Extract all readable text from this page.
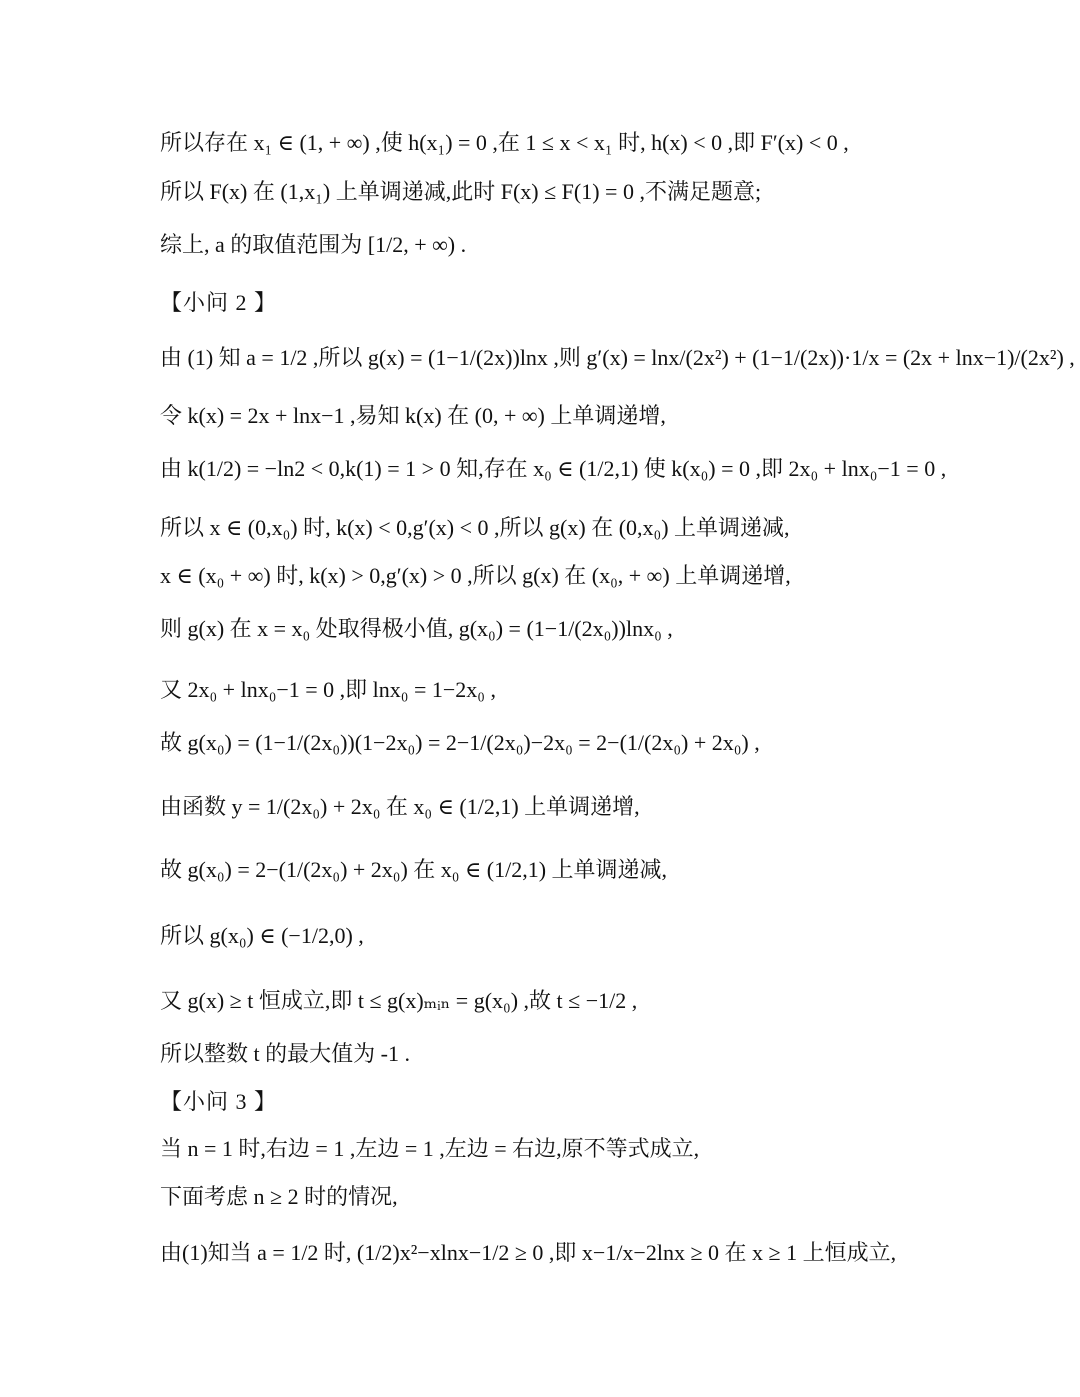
所以存在 x₁ ∈ (1, + ∞) ,使 h(x₁) = 0 ,在 1 ≤ x < x₁ 时, h(x) < 0 ,即 F′(x) < 0 ,
所以 F(x) 在 (1,x₁) 上单调递减,此时 F(x) ≤ F(1) = 0 ,不满足题意;
综上, a 的取值范围为 [1/2, + ∞) .
【小问 2 】
由 (1) 知 a = 1/2 ,所以 g(x) = (1−1/(2x))lnx ,则 g′(x) = lnx/(2x²) + (1−1/(2x))·1/x = (2x + lnx−1)/(2x²) ,
令 k(x) = 2x + lnx−1 ,易知 k(x) 在 (0, + ∞) 上单调递增,
由 k(1/2) = −ln2 < 0,k(1) = 1 > 0 知,存在 x₀ ∈ (1/2,1) 使 k(x₀) = 0 ,即 2x₀ + lnx₀−1 = 0 ,
所以 x ∈ (0,x₀) 时, k(x) < 0,g′(x) < 0 ,所以 g(x) 在 (0,x₀) 上单调递减,
x ∈ (x₀ + ∞) 时, k(x) > 0,g′(x) > 0 ,所以 g(x) 在 (x₀, + ∞) 上单调递增,
则 g(x) 在 x = x₀ 处取得极小值, g(x₀) = (1−1/(2x₀))lnx₀ ,
又 2x₀ + lnx₀−1 = 0 ,即 lnx₀ = 1−2x₀ ,
故 g(x₀) = (1−1/(2x₀))(1−2x₀) = 2−1/(2x₀)−2x₀ = 2−(1/(2x₀) + 2x₀) ,
由函数 y = 1/(2x₀) + 2x₀ 在 x₀ ∈ (1/2,1) 上单调递增,
故 g(x₀) = 2−(1/(2x₀) + 2x₀) 在 x₀ ∈ (1/2,1) 上单调递减,
所以 g(x₀) ∈ (−1/2,0) ,
又 g(x) ≥ t 恒成立,即 t ≤ g(x)ₘᵢₙ = g(x₀) ,故 t ≤ −1/2 ,
所以整数 t 的最大值为 -1 .
【小问 3 】
当 n = 1 时,右边 = 1 ,左边 = 1 ,左边 = 右边,原不等式成立,
下面考虑 n ≥ 2 时的情况,
由(1)知当 a = 1/2 时, (1/2)x²−xlnx−1/2 ≥ 0 ,即 x−1/x−2lnx ≥ 0 在 x ≥ 1 上恒成立,
